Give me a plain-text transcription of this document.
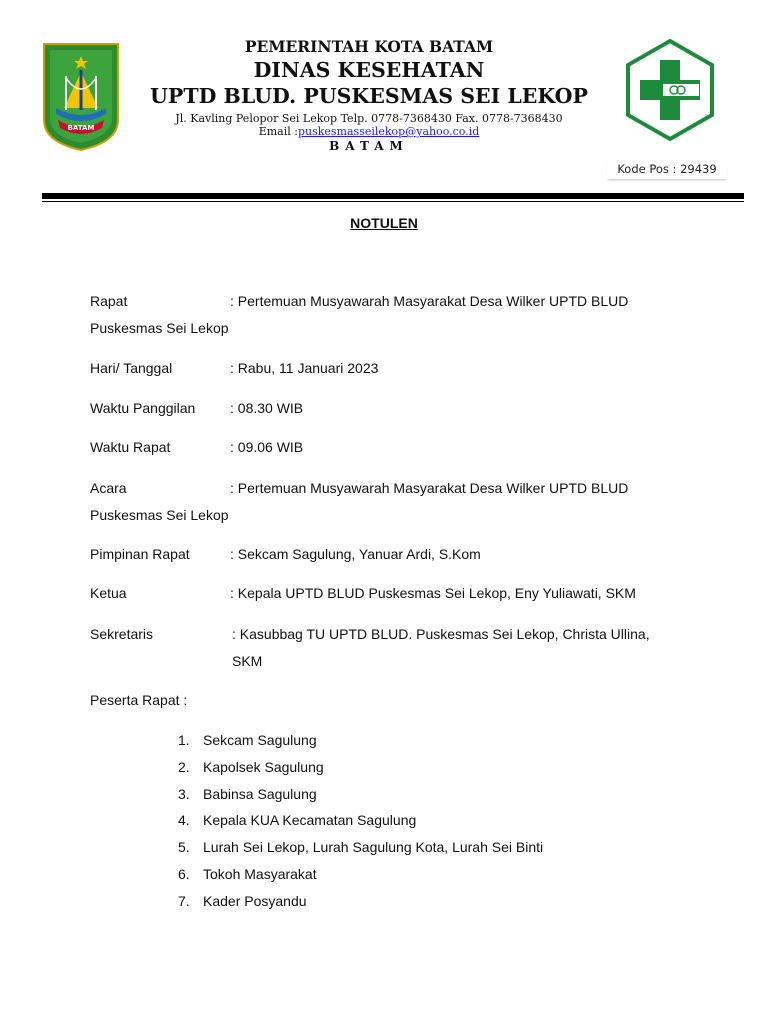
BATAM
PEMERINTAH KOTA BATAM
DINAS KESEHATAN
UPTD BLUD. PUSKESMAS SEI LEKOP
Jl. Kavling Pelopor Sei Lekop Telp. 0778-7368430 Fax. 0778-7368430
Email :puskesmasseilekop@yahoo.co.id
BATAM
Kode Pos : 29439
NOTULEN
Rapat	: Pertemuan Musyawarah Masyarakat Desa Wilker UPTD BLUD
Puskesmas Sei Lekop
Hari/ Tanggal	: Rabu, 11 Januari 2023
Waktu Panggilan : 08.30 WIB
Waktu Rapat	: 09.06 WIB
Acara	: Pertemuan Musyawarah Masyarakat Desa Wilker UPTD BLUD
Puskesmas Sei Lekop
Pimpinan Rapat	: Sekcam Sagulung, Yanuar Ardi, S.Kom
Ketua	: Kepala UPTD BLUD Puskesmas Sei Lekop, Eny Yuliawati, SKM
Sekretaris	: Kasubbag TU UPTD BLUD. Puskesmas Sei Lekop, Christa Ullina, SKM
Peserta Rapat :
1. Sekcam Sagulung
2. Kapolsek Sagulung
3. Babinsa Sagulung
4. Kepala KUA Kecamatan Sagulung
5. Lurah Sei Lekop, Lurah Sagulung Kota, Lurah Sei Binti
6. Tokoh Masyarakat
7. Kader Posyandu
